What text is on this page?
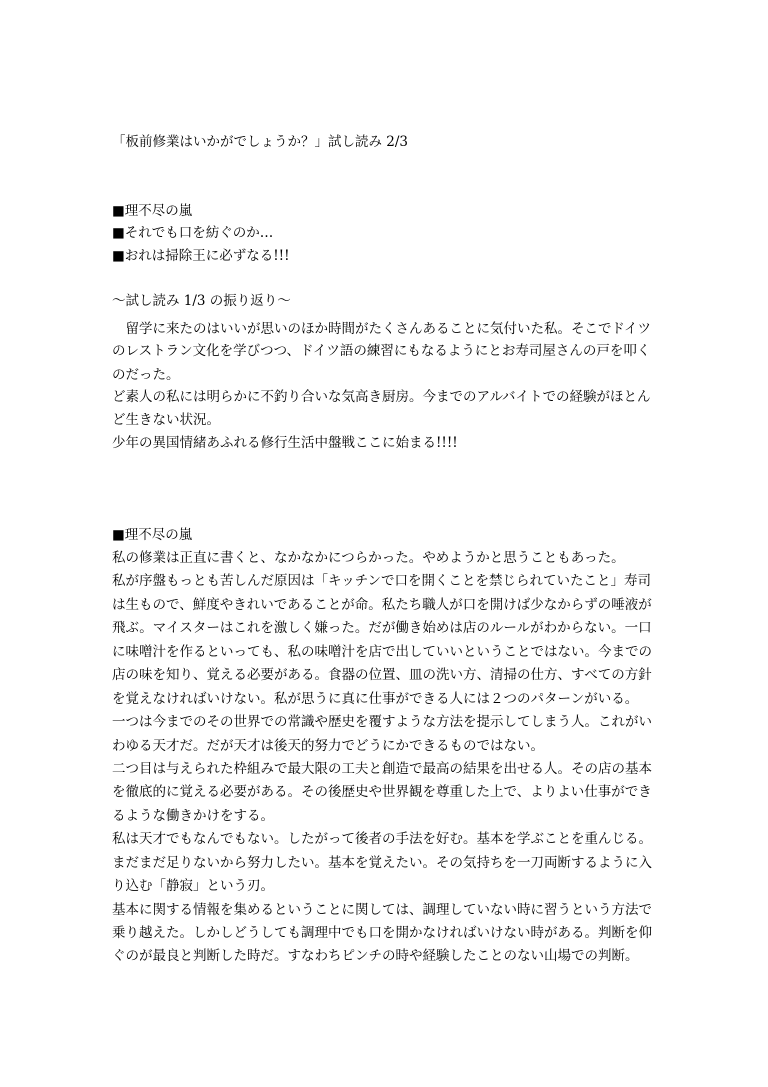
「板前修業はいかがでしょうか？」試し読み 2/3
■理不尽の嵐
■それでも口を紡ぐのか…
■おれは掃除王に必ずなる!!!
〜試し読み 1/3 の振り返り〜
　留学に来たのはいいが思いのほか時間がたくさんあることに気付いた私。そこでドイツ
のレストラン文化を学びつつ、ドイツ語の練習にもなるようにとお寿司屋さんの戸を叩く
のだった。
ど素人の私には明らかに不釣り合いな気高き厨房。今までのアルバイトでの経験がほとん
ど生きない状況。
少年の異国情緒あふれる修行生活中盤戦ここに始まる!!!!
■理不尽の嵐
私の修業は正直に書くと、なかなかにつらかった。やめようかと思うこともあった。
私が序盤もっとも苦しんだ原因は「キッチンで口を開くことを禁じられていたこと」寿司
は生もので、鮮度やきれいであることが命。私たち職人が口を開けば少なからずの唾液が
飛ぶ。マイスターはこれを激しく嫌った。だが働き始めは店のルールがわからない。一口
に味噌汁を作るといっても、私の味噌汁を店で出していいということではない。今までの
店の味を知り、覚える必要がある。食器の位置、皿の洗い方、清掃の仕方、すべての方針
を覚えなければいけない。私が思うに真に仕事ができる人には２つのパターンがいる。
一つは今までのその世界での常識や歴史を覆すような方法を提示してしまう人。これがい
わゆる天才だ。だが天才は後天的努力でどうにかできるものではない。
二つ目は与えられた枠組みで最大限の工夫と創造で最高の結果を出せる人。その店の基本
を徹底的に覚える必要がある。その後歴史や世界観を尊重した上で、よりよい仕事ができ
るような働きかけをする。
私は天才でもなんでもない。したがって後者の手法を好む。基本を学ぶことを重んじる。
まだまだ足りないから努力したい。基本を覚えたい。その気持ちを一刀両断するように入
り込む「静寂」という刃。
基本に関する情報を集めるということに関しては、調理していない時に習うという方法で
乗り越えた。しかしどうしても調理中でも口を開かなければいけない時がある。判断を仰
ぐのが最良と判断した時だ。すなわちピンチの時や経験したことのない山場での判断。
